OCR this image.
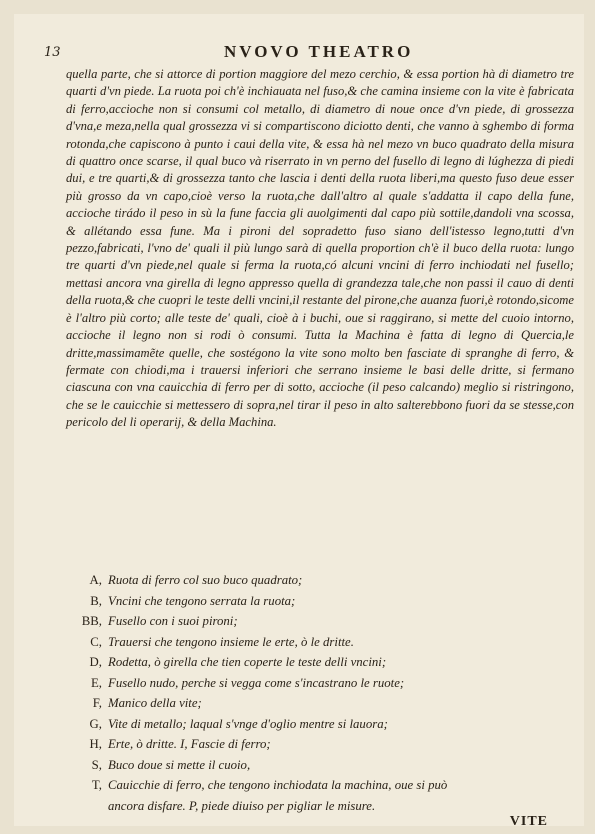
13	NVOVO THEATRO

quella parte, che si attorce di portion maggiore del mezo cerchio, & essa portion hà di diametro tre quarti d'vn piede. La ruota poi ch'è inchiauata nel fuso,& che camina insieme con la vite è fabricata di ferro,accioche non si consumi col metallo, di diametro di noue once d'vn piede, di grossezza d'vna,e meza,nella qual grossezza vi si compartiscono diciotto denti, che vanno à sghembo di forma rotonda,che capiscono à punto i caui della vite, & essa hà nel mezo vn buco quadrato della misura di quattro once scarse, il qual buco và riserrato in vn perno del fusello di legno di lúghezza di piedi dui, e tre quarti,& di grossezza tanto che lascia i denti della ruota liberi,ma questo fuso deue esser più grosso da vn capo,cioè verso la ruota,che dall'altro al quale s'addatta il capo della fune, accioche tirádo il peso in sù la fune faccia gli auolgimenti dal capo più sottile,dandoli vna scossa, & allétando essa fune. Ma i pironi del sopradetto fuso siano dell'istesso legno,tutti d'vn pezzo,fabricati, l'vno de' quali il più lungo sarà di quella proportion ch'è il buco della ruota: lungo tre quarti d'vn piede,nel quale si ferma la ruota,có alcuni vncini di ferro inchiodati nel fusello; mettasi ancora vna girella di legno appresso quella di grandezza tale,che non passi il cauo di denti della ruota,& che cuopri le teste delli vncini,il restante del pirone,che auanza fuori,è rotondo,sicome è l'altro più corto; alle teste de' quali, cioè à i buchi, oue si raggirano, si mette del cuoio intorno, accioche il legno non si rodi ò consumi. Tutta la Machina è fatta di legno di Quercia,le dritte,massimamẽte quelle, che sostégono la vite sono molto ben fasciate di spranghe di ferro, & fermate con chiodi,ma i trauersi inferiori che serrano insieme le basi delle dritte, si fermano ciascuna con vna cauicchia di ferro per di sotto, accioche (il peso calcando) meglio si ristringono, che se le cauicchie si mettessero di sopra,nel tirar il peso in alto salterebbono fuori da se stesse,con pericolo del li operarij, & della Machina.

A, Ruota di ferro col suo buco quadrato;
B, Vncini che tengono serrata la ruota;
BB, Fusello con i suoi pironi;
C, Trauersi che tengono insieme le erte, ò le dritte.
D, Rodetta, ò girella che tien coperte le teste delli vncini;
E, Fusello nudo, perche si vegga come s'incastrano le ruote;
F, Manico della vite;
G, Vite di metallo; laqual s'vnge d'oglio mentre si lauora;
H, Erte, ò dritte. I, Fascie di ferro;
S, Buco doue si mette il cuoio,
T, Cauicchie di ferro, che tengono inchiodata la machina, oue si può
ancora disfare. P, piede diuiso per pigliar le misure.
VITE
